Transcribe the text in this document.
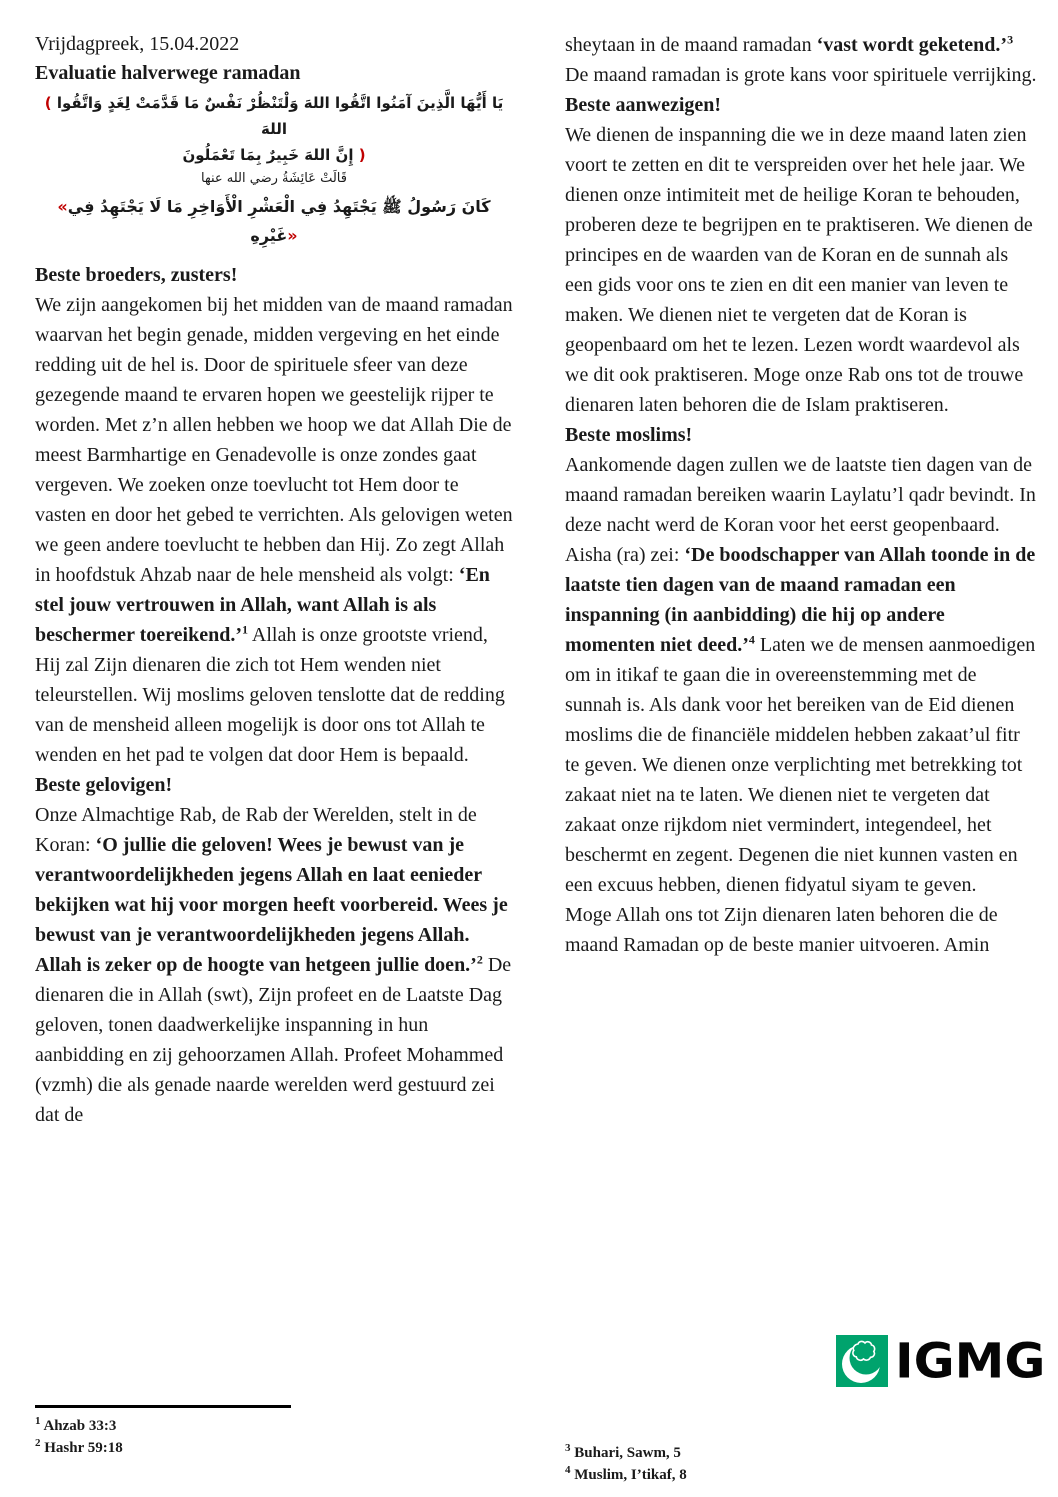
Vrijdagpreek, 15.04.2022
Evaluatie halverwege ramadan
( يَا أَيُّهَا الَّذِينَ آمَنُوا اتَّقُوا اللهَ وَلْتَنْظُرْ نَفْسٌ مَا قَدَّمَتْ لِغَدٍ وَاتَّقُوا اللهَ
إِنَّ اللهَ خَبِيرٌ بِمَا تَعْمَلُونَ )
قَالَتْ عَائِشَةُ رضي الله عنها
«كَانَ رَسُولُ ﷺ يَجْتَهِدُ فِي الْعَشْرِ الْأَوَاخِرِ مَا لَا يَجْتَهِدُ فِي غَيْرِهِ»
Beste broeders, zusters!

We zijn aangekomen bij het midden van de maand ramadan waarvan het begin genade, midden vergeving en het einde redding uit de hel is. Door de spirituele sfeer van deze gezegende maand te ervaren hopen we geestelijk rijper te worden. Met z’n allen hebben we hoop we dat Allah Die de meest Barmhartige en Genadevolle is onze zondes gaat vergeven. We zoeken onze toevlucht tot Hem door te vasten en door het gebed te verrichten. Als gelovigen weten we geen andere toevlucht te hebben dan Hij. Zo zegt Allah in hoofdstuk Ahzab naar de hele mensheid als volgt: ‘En stel jouw vertrouwen in Allah, want Allah is als beschermer toereikend.’$^1$ Allah is onze grootste vriend, Hij zal Zijn dienaren die zich tot Hem wenden niet teleurstellen. Wij moslims geloven tenslotte dat de redding van de mensheid alleen mogelijk is door ons tot Allah te wenden en het pad te volgen dat door Hem is bepaald.

Beste gelovigen!

Onze Almachtige Rab, de Rab der Werelden, stelt in de Koran: ‘O jullie die geloven! Wees je bewust van je verantwoordelijkheden jegens Allah en laat eenieder bekijken wat hij voor morgen heeft voorbereid. Wees je bewust van je verantwoordelijkheden jegens Allah. Allah is zeker op de hoogte van hetgeen jullie doen.’$^2$ De dienaren die in Allah (swt), Zijn profeet en de Laatste Dag geloven, tonen daadwerkelijke inspanning in hun aanbidding en zij gehoorzamen Allah. Profeet Mohammed (vzmh) die als genade naarde werelden werd gestuurd zei dat de

sheytaan in de maand ramadan ‘vast wordt geketend.’$^3$

De maand ramadan is grote kans voor spirituele verrijking.

Beste aanwezigen!

We dienen de inspanning die we in deze maand laten zien voort te zetten en dit te verspreiden over het hele jaar. We dienen onze intimiteit met de heilige Koran te behouden, proberen deze te begrijpen en te praktiseren. We dienen de principes en de waarden van de Koran en de sunnah als een gids voor ons te zien en dit een manier van leven te maken. We dienen niet te vergeten dat de Koran is geopenbaard om het te lezen. Lezen wordt waardevol als we dit ook praktiseren. Moge onze Rab ons tot de trouwe dienaren laten behoren die de Islam praktiseren.

Beste moslims!

Aankomende dagen zullen we de laatste tien dagen van de maand ramadan bereiken waarin Laylatu’l qadr bevindt. In deze nacht werd de Koran voor het eerst geopenbaard. Aisha (ra) zei: ‘De boodschapper van Allah toonde in de laatste tien dagen van de maand ramadan een inspanning (in aanbidding) die hij op andere momenten niet deed.’$^4$ Laten we de mensen aanmoedigen om in itikaf te gaan die in overeenstemming met de sunnah is. Als dank voor het bereiken van de Eid dienen moslims die de financiële middelen hebben zakaat’ul fitr te geven. We dienen onze verplichting met betrekking tot zakaat niet na te laten. We dienen niet te vergeten dat zakaat onze rijkdom niet vermindert, integendeel, het beschermt en zegent. Degenen die niet kunnen vasten en een excuus hebben, dienen fidyatul siyam te geven.

Moge Allah ons tot Zijn dienaren laten behoren die de maand Ramadan op de beste manier uitvoeren. Amin

$^1$ Ahzab 33:3
$^2$ Hashr 59:18	$^3$ Buhari, Sawm, 5
$^4$ Muslim, I’tikaf, 8
IGMG
